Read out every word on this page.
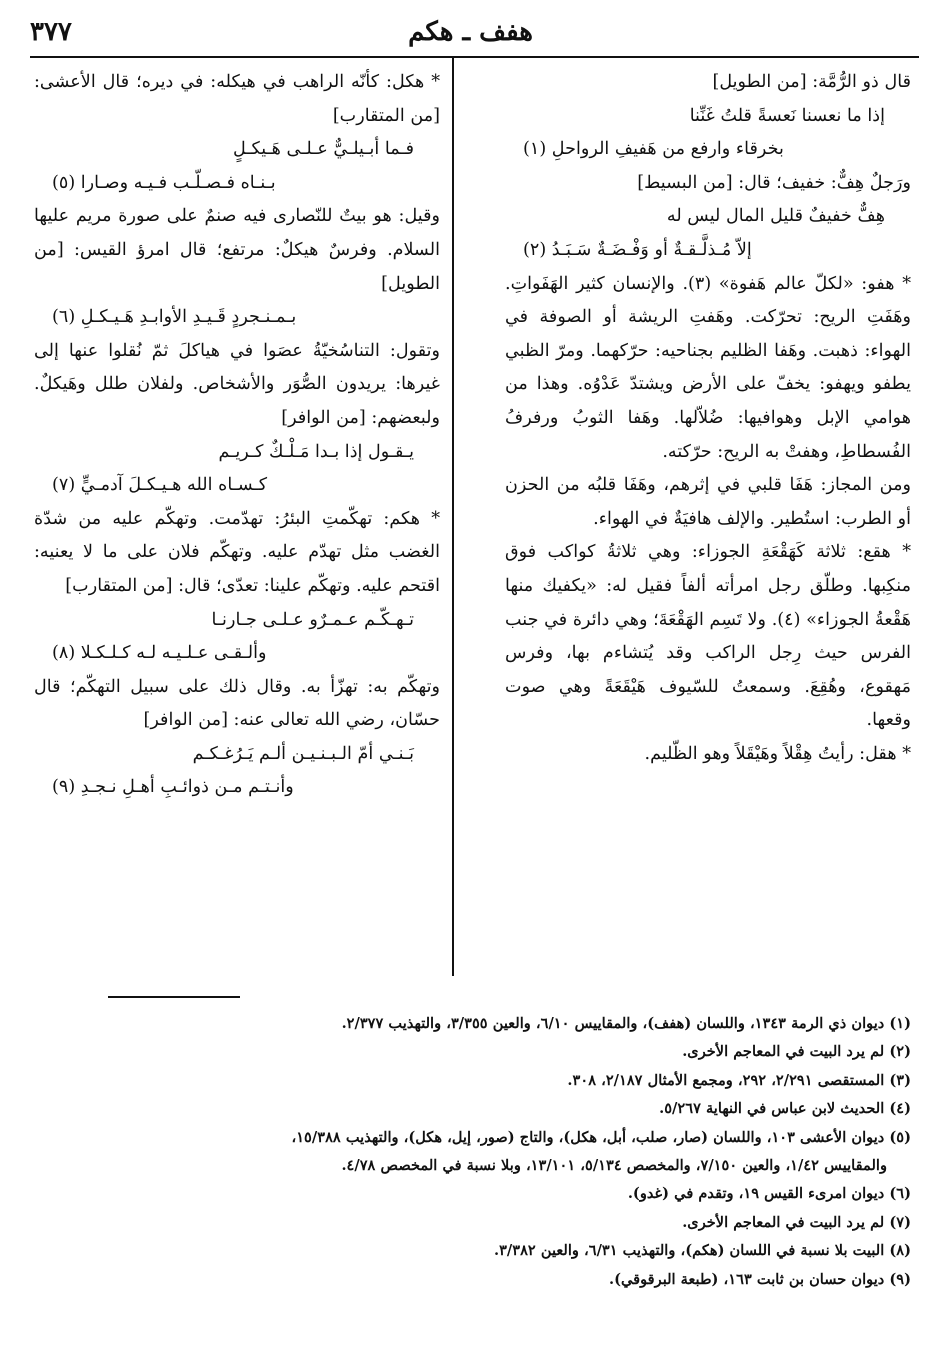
هفف ـ هكم
٣٧٧

قال ذو الرُّمَّة: [من الطويل]

إذا ما نعسنا نَعسةً قلتُ غَنِّنا

بخرقاء وارفع من هَفيفِ الرواحلِ (١)

ورَجلٌ هِفٌّ: خفيف؛ قال: [من البسيط]

هِفٌّ خفيفٌ قليل المال ليس له

إلاّ مُـذلَّـقـةٌ أو وَفْـضَـةٌ سَـبَـدُ (٢)

* هفو: «لكلّ عالم هَفوة» (٣). والإنسان كثير الهَفَواتِ. وهَفَتِ الريح: تحرّكت. وهَفتِ الريشة أو الصوفة في الهواء: ذهبت. وهَفا الظليم بجناحيه: حرّكهما. ومرّ الظبي يطفو ويهفو: يخفّ على الأرض ويشتدّ عَدْوُه. وهذا من هوامي الإبل وهوافيها: ضُلاّلها. وهَفا الثوبُ ورفرفُ الفُسطاطِ، وهفتْ به الريح: حرّكته.

ومن المجاز: هَفَا قلبي في إثرهم، وهَفَا قلبُه من الحزن أو الطرب: استُطير. والإلف هافيَةٌ في الهواء.

* هقع: ثلاثة كَهَقْعَةِ الجوزاء: وهي ثلاثةُ كواكب فوق منكِبها. وطلّق رجل امرأته ألفاً فقيل له: «يكفيك منها هَقْعةُ الجوزاء» (٤). ولا تَسِم الهَقْعَةَ؛ وهي دائرة في جنب الفرس حيث رِجل الراكب وقد يُتشاءم بها، وفرس مَهقوع، وهُقِعَ. وسمعتُ للسّيوف هَيْقَعَةً وهي صوت وقعها.

* هقل: رأيتُ هِقْلاً وهَيْقَلاً وهو الظّليم.

* هكل: كأنّه الراهب في هيكله: في ديره؛ قال الأعشى: [من المتقارب]

فـما أبـيلـيٌّ عـلـى هَـيكـلٍ

بـنـاه فـصـلّـب فـيـه وصـارا (٥)

وقيل: هو بيتٌ للنّصارى فيه صنمٌ على صورة مريم عليها السلام. وفرسٌ هيكلٌ: مرتفع؛ قال امرؤ القيس: [من الطويل]

بـمـنـجردٍ قَـيـدِ الأوابـدِ هَـيـكـلِ (٦)

وتقول: التناسُخيّةُ عصَوا في هياكلَ ثمّ نُقلوا عنها إلى غيرها: يريدون الصُّوَر والأشخاص. ولفلان طلل وهَيكلٌ. ولبعضهم: [من الوافر]

يـقـول إذا بـدا مَـلْـكٌ كـريـم

كـسـاه الله هـيـكـلَ آدمـيٍّ (٧)

* هكم: تهكّمتِ البئرُ: تهدّمت. وتهكّم عليه من شدّة الغضب مثل تهدّم عليه. وتهكّم فلان على ما لا يعنيه: اقتحم عليه. وتهكّم علينا: تعدّى؛ قال: [من المتقارب]

تـهـكّـم عـمـرٌو عـلـى جـارنـا

وألـقـى عـلـيـه لـه كـلـكـلا (٨)

وتهكّم به: تهزّأ به. وقال ذلك على سبيل التهكّم؛ قال حسّان، رضي الله تعالى عنه: [من الوافر]

بَـنـي أمّ الـبـنـيـن ألـم يَـرُغـكـم

وأنـتـم مـن ذوائـبِ أهـلِ نـجـدِ (٩)

(١) ديوان ذي الرمة ١٣٤٣، واللسان (هفف)، والمقاييس ٦/١٠، والعين ٣/٣٥٥، والتهذيب ٢/٣٧٧.

(٢) لم يرد البيت في المعاجم الأخرى.

(٣) المستقصى ٢/٢٩١، ٢٩٢، ومجمع الأمثال ٢/١٨٧، ٣٠٨.

(٤) الحديث لابن عباس في النهاية ٥/٢٦٧.

(٥) ديوان الأعشى ١٠٣، واللسان (صار، صلب، أبل، هكل)، والتاج (صور، إيل، هكل)، والتهذيب ١٥/٣٨٨،

والمقاييس ١/٤٢، والعين ٧/١٥٠، والمخصص ٥/١٣٤، ١٣/١٠١، وبلا نسبة في المخصص ٤/٧٨.

(٦) ديوان امرىء القيس ١٩، وتقدم في (غدو).

(٧) لم يرد البيت في المعاجم الأخرى.

(٨) البيت بلا نسبة في اللسان (هكم)، والتهذيب ٦/٣١، والعين ٣/٣٨٢.

(٩) ديوان حسان بن ثابت ١٦٣، (طبعة البرقوقي).
